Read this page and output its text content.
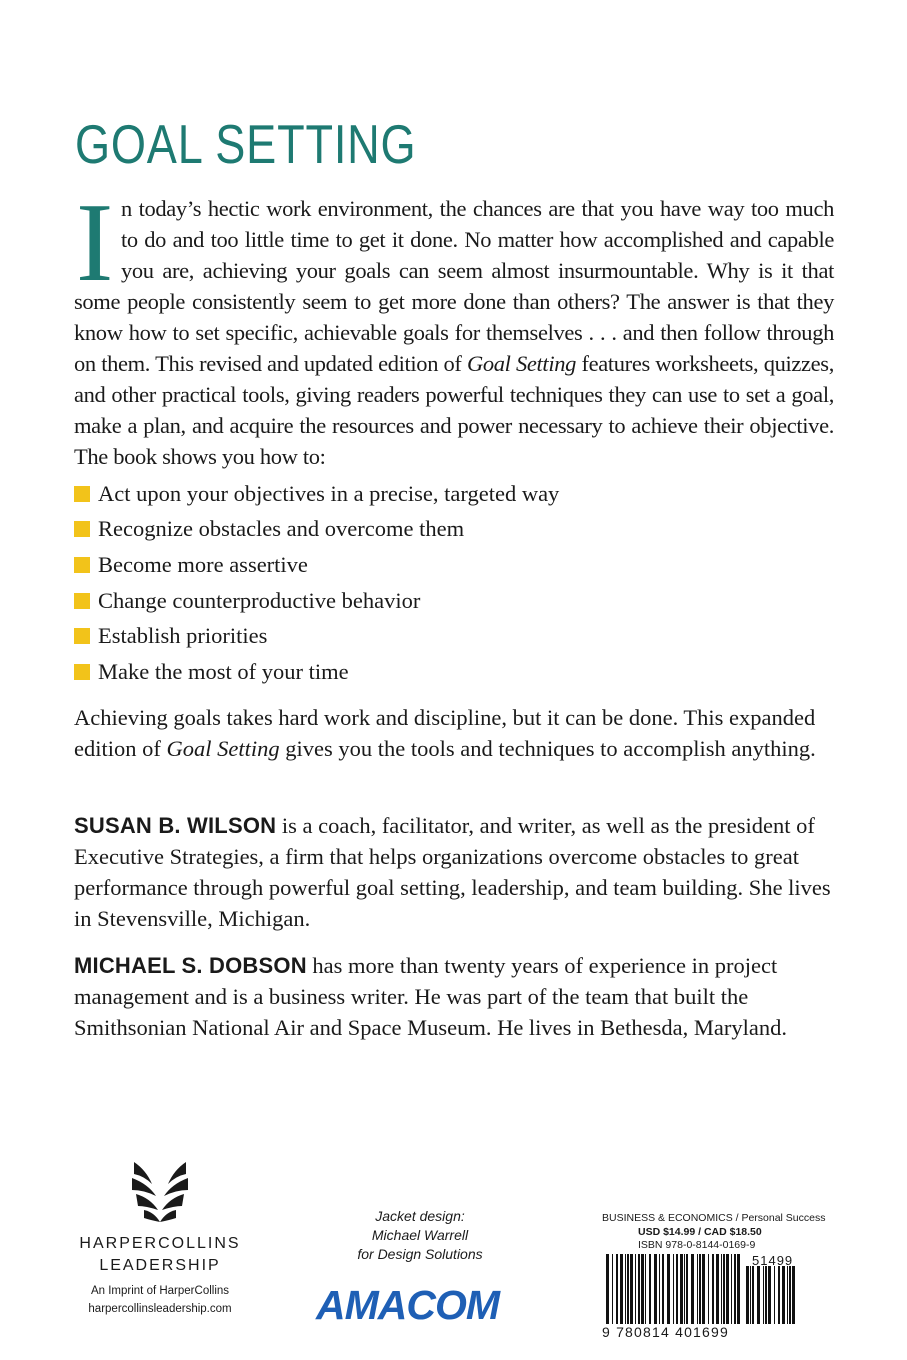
GOAL SETTING
I n today’s hectic work environment, the chances are that you have way too much to do and too little time to get it done. No matter how accomplished and capable you are, achieving your goals can seem almost insurmountable. Why is it that some people consistently seem to get more done than others? The answer is that they know how to set specific, achievable goals for themselves . . . and then follow through on them. This revised and updated edition of Goal Setting features worksheets, quizzes, and other practical tools, giving readers powerful techniques they can use to set a goal, make a plan, and acquire the resources and power necessary to achieve their objective. The book shows you how to:
Act upon your objectives in a precise, targeted way
Recognize obstacles and overcome them
Become more assertive
Change counterproductive behavior
Establish priorities
Make the most of your time
Achieving goals takes hard work and discipline, but it can be done. This expanded edition of Goal Setting gives you the tools and techniques to accomplish anything.
SUSAN B. WILSON is a coach, facilitator, and writer, as well as the president of Executive Strategies, a firm that helps organizations overcome obstacles to great performance through powerful goal setting, leadership, and team building. She lives in Stevensville, Michigan.
MICHAEL S. DOBSON has more than twenty years of experience in project management and is a business writer. He was part of the team that built the Smithsonian National Air and Space Museum. He lives in Bethesda, Maryland.
HARPERCOLLINS
LEADERSHIP
An Imprint of HarperCollins
harpercollinsleadership.com
Jacket design:
Michael Warrell
for Design Solutions
AMACOM
BUSINESS & ECONOMICS / Personal Success
USD $14.99 / CAD $18.50
ISBN 978-0-8144-0169-9
51499
9 780814 401699
